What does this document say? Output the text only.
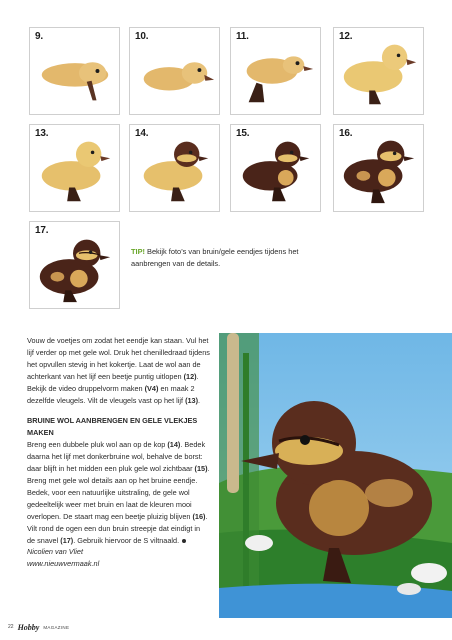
9.	10.	11.	12.
13.	14.	15.	16.
17.
TIP! Bekijk foto’s van bruin/gele eendjes tijdens het aanbrengen van de details.

Vouw de voetjes om zodat het eendje kan staan. Vul het lijf verder op met gele wol. Druk het chenilledraad tijdens het opvullen stevig in het kokertje. Laat de wol aan de achterkant van het lijf een beetje puntig uitlopen (12). Bekijk de video druppelvorm maken (V4) en maak 2 dezelfde vleugels. Vilt de vleugels vast op het lijf (13).

BRUINE WOL AANBRENGEN EN GELE VLEKJES MAKEN

Breng een dubbele pluk wol aan op de kop (14). Bedek daarna het lijf met donkerbruine wol, behalve de borst: daar blijft in het midden een pluk gele wol zichtbaar (15). Breng met gele wol details aan op het bruine eendje. Bedek, voor een natuurlijke uitstraling, de gele wol gedeeltelijk weer met bruin en laat de kleuren mooi overlopen. De staart mag een beetje pluizig blijven (16). Vilt rond de ogen een dun bruin streepje dat eindigt in de snavel (17). Gebruik hiervoor de S viltnaald.

Nicolien van Vliet

www.nieuwvermaak.nl

22 Hobby MAGAZINE
